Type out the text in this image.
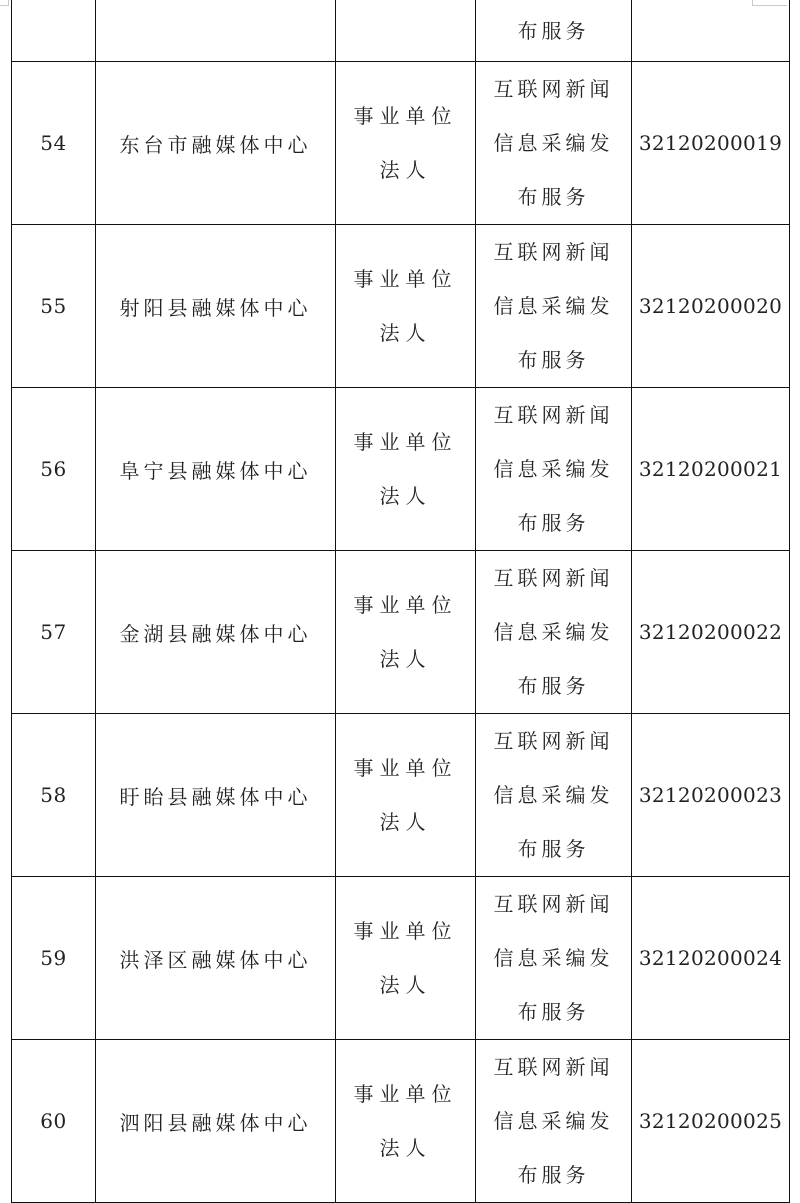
			布服务	
54	东台市融媒体中心	事业单位法人	互联网新闻信息采编发布服务	32120200019
55	射阳县融媒体中心	事业单位法人	互联网新闻信息采编发布服务	32120200020
56	阜宁县融媒体中心	事业单位法人	互联网新闻信息采编发布服务	32120200021
57	金湖县融媒体中心	事业单位法人	互联网新闻信息采编发布服务	32120200022
58	盱眙县融媒体中心	事业单位法人	互联网新闻信息采编发布服务	32120200023
59	洪泽区融媒体中心	事业单位法人	互联网新闻信息采编发布服务	32120200024
60	泗阳县融媒体中心	事业单位法人	互联网新闻信息采编发布服务	32120200025
